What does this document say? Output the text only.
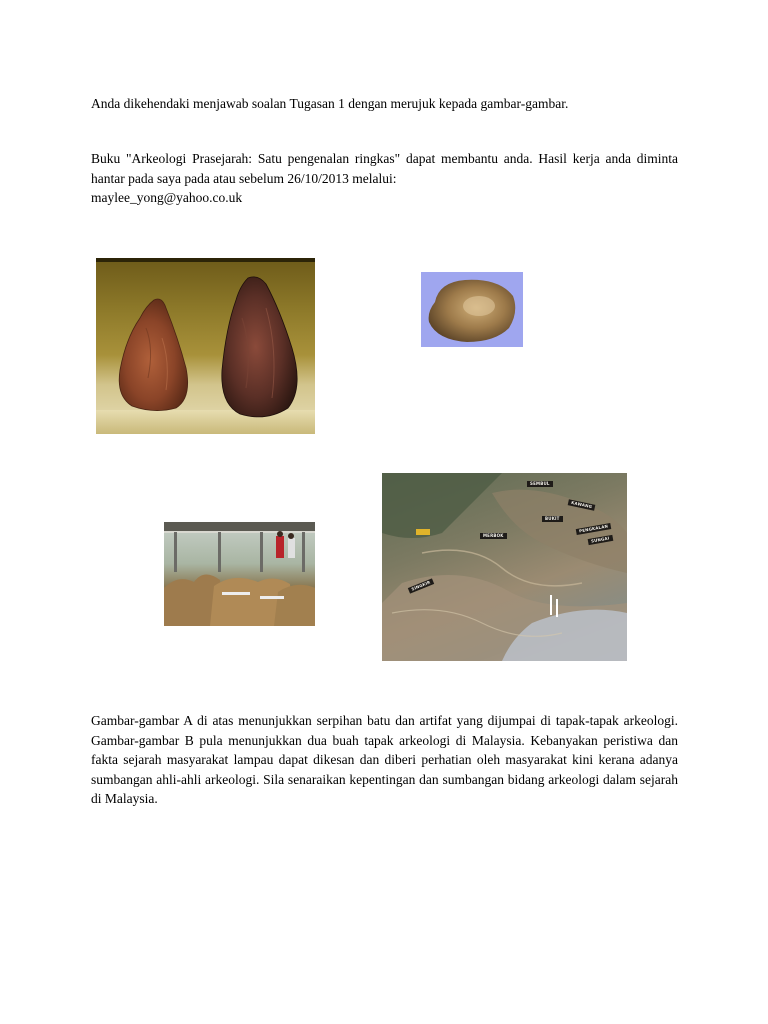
Anda dikehendaki menjawab soalan Tugasan 1 dengan merujuk kepada gambar-gambar.

Buku "Arkeologi Prasejarah: Satu pengenalan ringkas" dapat membantu anda. Hasil kerja anda diminta hantar pada saya pada atau sebelum 26/10/2013 melalui:
maylee_yong@yahoo.co.uk
SEMBUL
KAWANG
BUKIT
MERBOK
PENGKALAN
SINGKIR
SUNGAI

Gambar-gambar A di atas menunjukkan serpihan batu dan artifat yang dijumpai di tapak-tapak arkeologi. Gambar-gambar B pula menunjukkan dua buah tapak arkeologi di Malaysia. Kebanyakan peristiwa dan fakta sejarah masyarakat lampau dapat dikesan dan diberi perhatian oleh masyarakat kini kerana adanya sumbangan ahli-ahli arkeologi. Sila senaraikan kepentingan dan sumbangan bidang arkeologi dalam sejarah di Malaysia.
